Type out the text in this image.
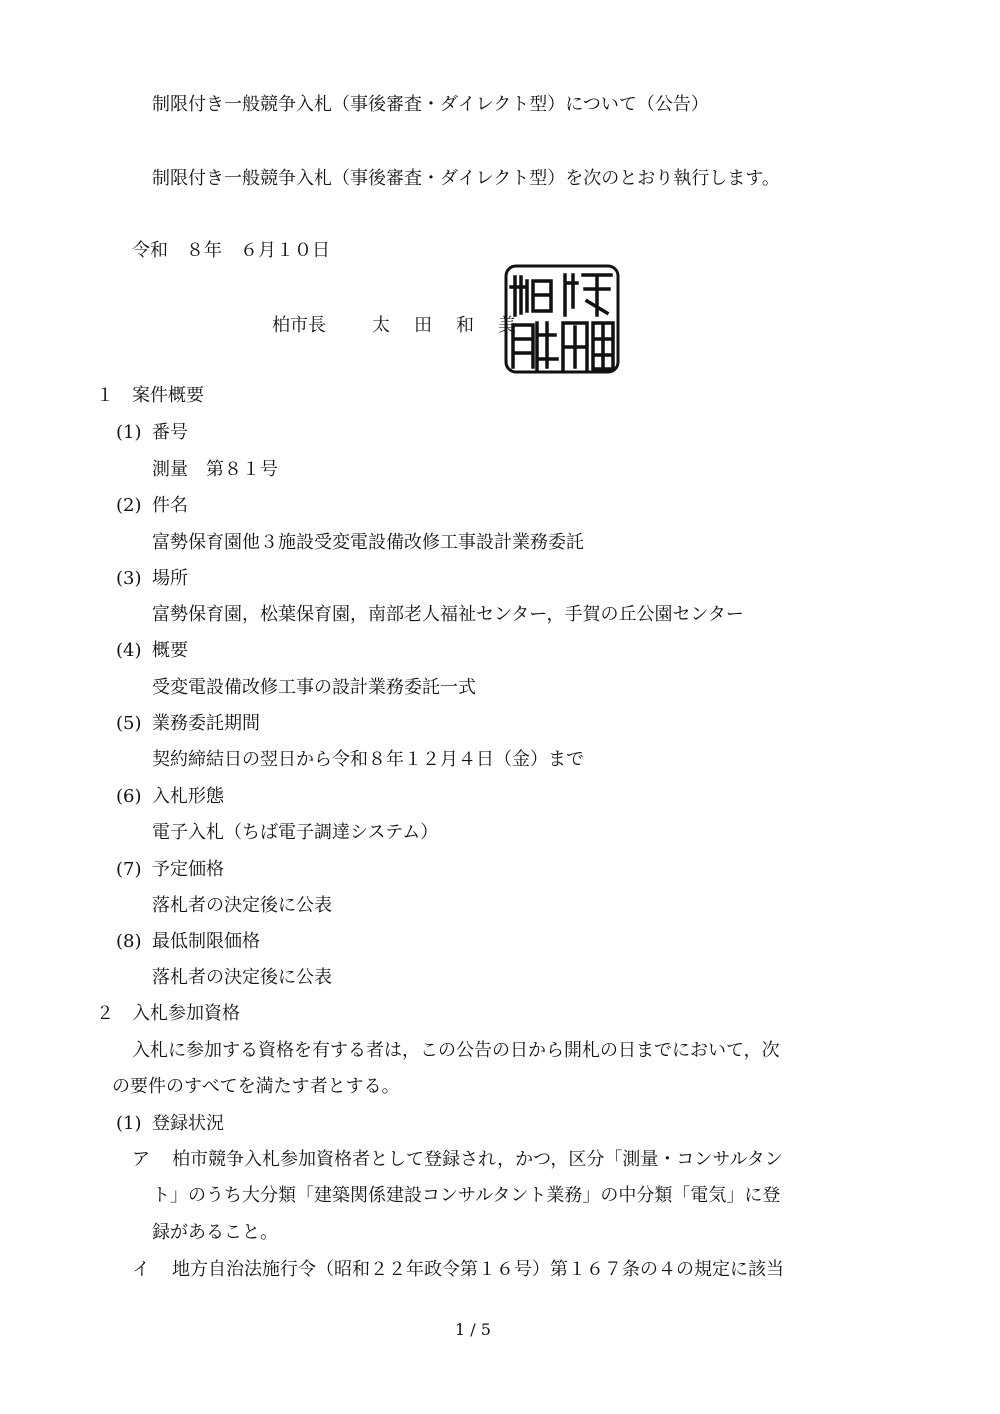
制限付き一般競争入札（事後審査・ダイレクト型）について（公告）
制限付き一般競争入札（事後審査・ダイレクト型）を次のとおり執行します。
令和　８年　６月１０日
柏市長	太　田　和　美
１　案件概要
(1) 番号
測量　第８１号
(2) 件名
富勢保育園他３施設受変電設備改修工事設計業務委託
(3) 場所
富勢保育園，松葉保育園，南部老人福祉センター，手賀の丘公園センター
(4) 概要
受変電設備改修工事の設計業務委託一式
(5) 業務委託期間
契約締結日の翌日から令和８年１２月４日（金）まで
(6) 入札形態
電子入札（ちば電子調達システム）
(7) 予定価格
落札者の決定後に公表
(8) 最低制限価格
落札者の決定後に公表
２　入札参加資格
入札に参加する資格を有する者は，この公告の日から開札の日までにおいて，次
の要件のすべてを満たす者とする。
(1) 登録状況
ア 柏市競争入札参加資格者として登録され，かつ，区分「測量・コンサルタン
ト」のうち大分類「建築関係建設コンサルタント業務」の中分類「電気」に登
録があること。
イ 地方自治法施行令（昭和２２年政令第１６号）第１６７条の４の規定に該当
1 / 5
